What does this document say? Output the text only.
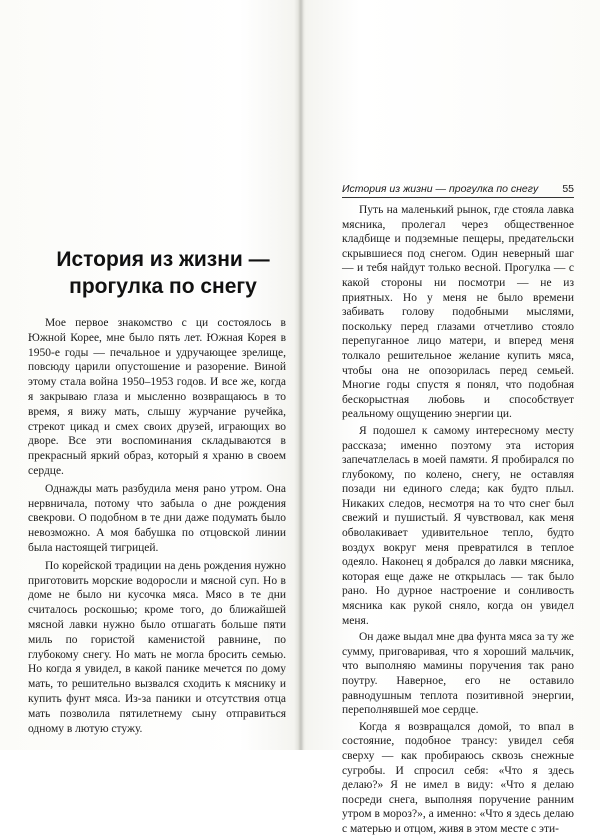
История из жизни —
прогулка по снегу

Мое первое знакомство с ци состоялось в Южной Корее, мне было пять лет. Южная Корея в 1950-е годы — печальное и удручающее зрелище, повсюду царили опустошение и разорение. Виной этому стала война 1950–1953 годов. И все же, когда я закрываю глаза и мысленно возвращаюсь в то время, я вижу мать, слышу журчание ручейка, стрекот цикад и смех своих друзей, играющих во дворе. Все эти воспоминания складываются в прекрасный яркий образ, который я храню в своем сердце.

Однажды мать разбудила меня рано утром. Она нервничала, потому что забыла о дне рождения свекрови. О подобном в те дни даже подумать было невозможно. А моя бабушка по отцовской линии была настоящей тигрицей.

По корейской традиции на день рождения нужно приготовить морские водоросли и мясной суп. Но в доме не было ни кусочка мяса. Мясо в те дни считалось роскошью; кроме того, до ближайшей мясной лавки нужно было отшагать больше пяти миль по гористой каменистой равнине, по глубокому снегу. Но мать не могла бросить семью. Но когда я увидел, в какой панике мечется по дому мать, то решительно вызвался сходить к мяснику и купить фунт мяса. Из-за паники и отсутствия отца мать позволила пятилетнему сыну отправиться одному в лютую стужу.

История из жизни — прогулка по снегу 55

Путь на маленький рынок, где стояла лавка мясника, пролегал через общественное кладбище и подземные пещеры, предательски скрывшиеся под снегом. Один неверный шаг — и тебя найдут только весной. Прогулка — с какой стороны ни посмотри — не из приятных. Но у меня не было времени забивать голову подобными мыслями, поскольку перед глазами отчетливо стояло перепуганное лицо матери, и вперед меня толкало решительное желание купить мяса, чтобы она не опозорилась перед семьей. Многие годы спустя я понял, что подобная бескорыстная любовь и способствует реальному ощущению энергии ци.

Я подошел к самому интересному месту рассказа; именно поэтому эта история запечатлелась в моей памяти. Я пробирался по глубокому, по колено, снегу, не оставляя позади ни единого следа; как будто плыл. Никаких следов, несмотря на то что снег был свежий и пушистый. Я чувствовал, как меня обволакивает удивительное тепло, будто воздух вокруг меня превратился в теплое одеяло. Наконец я добрался до лавки мясника, которая еще даже не открылась — так было рано. Но дурное настроение и сонливость мясника как рукой сняло, когда он увидел меня.

Он даже выдал мне два фунта мяса за ту же сумму, приговаривая, что я хороший мальчик, что выполняю мамины поручения так рано поутру. Наверное, его не оставило равнодушным теплота позитивной энергии, переполнявшей мое сердце.

Когда я возвращался домой, то впал в состояние, подобное трансу: увидел себя сверху — как пробираюсь сквозь снежные сугробы. И спросил себя: «Что я здесь делаю?» Я не имел в виду: «Что я делаю посреди снега, выполняя поручение ранним утром в мороз?», а именно: «Что я здесь делаю с матерью и отцом, живя в этом месте с эти-
